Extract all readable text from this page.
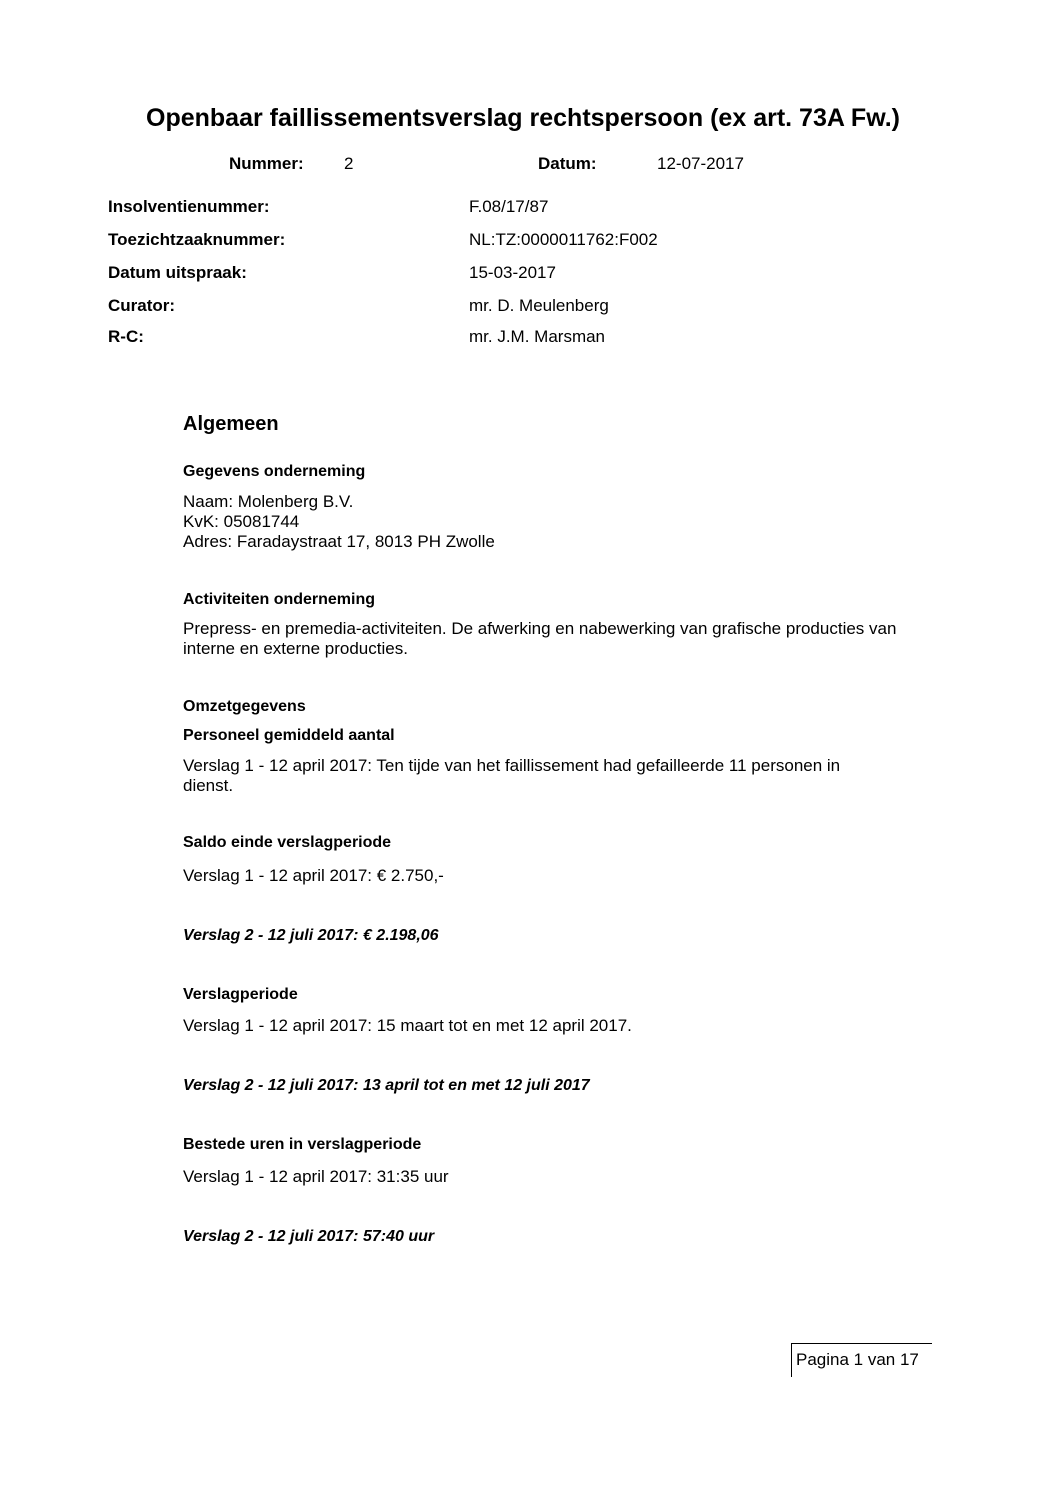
Openbaar faillissementsverslag rechtspersoon (ex art. 73A Fw.)
Nummer: 2	Datum:	12-07-2017
Insolventienummer:	F.08/17/87
Toezichtzaaknummer:	NL:TZ:0000011762:F002
Datum uitspraak:	15-03-2017
Curator:	mr. D. Meulenberg
R-C:	mr. J.M. Marsman
Algemeen
Gegevens onderneming
Naam: Molenberg B.V.
KvK: 05081744
Adres: Faradaystraat 17, 8013 PH Zwolle
Activiteiten onderneming
Prepress- en premedia-activiteiten. De afwerking en nabewerking van grafische producties van interne en externe producties.
Omzetgegevens
Personeel gemiddeld aantal
Verslag 1 - 12 april 2017: Ten tijde van het faillissement had gefailleerde 11 personen in dienst.
Saldo einde verslagperiode
Verslag 1 - 12 april 2017: € 2.750,-
Verslag 2 - 12 juli 2017: € 2.198,06
Verslagperiode
Verslag 1 - 12 april 2017: 15 maart tot en met 12 april 2017.
Verslag 2 - 12 juli 2017: 13 april tot en met 12 juli 2017
Bestede uren in verslagperiode
Verslag 1 - 12 april 2017: 31:35 uur
Verslag 2 - 12 juli 2017: 57:40 uur
Pagina 1 van 17
